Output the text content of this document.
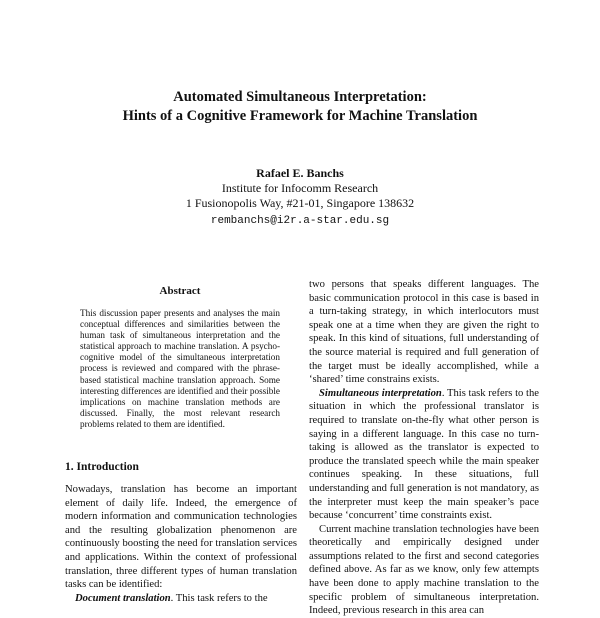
Automated Simultaneous Interpretation:
Hints of a Cognitive Framework for Machine Translation
Rafael E. Banchs
Institute for Infocomm Research
1 Fusionopolis Way, #21-01, Singapore 138632
rembanchs@i2r.a-star.edu.sg
Abstract
This discussion paper presents and analyses the main conceptual differences and similarities between the human task of simultaneous interpretation and the statistical approach to machine translation. A psycho-cognitive model of the simultaneous interpretation process is reviewed and compared with the phrase-based statistical machine translation approach. Some interesting differences are identified and their possible implications on machine translation methods are discussed. Finally, the most relevant research problems related to them are identified.
1. Introduction

Nowadays, translation has become an important element of daily life. Indeed, the emergence of modern information and communication technologies and the resulting globalization phenomenon are continuously boosting the need for translation services and applications. Within the context of professional translation, three different types of human translation tasks can be identified:

Document translation. This task refers to the

two persons that speaks different languages. The basic communication protocol in this case is based in a turn-taking strategy, in which interlocutors must speak one at a time when they are given the right to speak. In this kind of situations, full understanding of the source material is required and full generation of the target must be ideally accomplished, while a ‘shared’ time constrains exists.

Simultaneous interpretation. This task refers to the situation in which the professional translator is required to translate on-the-fly what other person is saying in a different language. In this case no turn-taking is allowed as the translator is expected to produce the translated speech while the main speaker continues speaking. In these situations, full understanding and full generation is not mandatory, as the interpreter must keep the main speaker’s pace because ‘concurrent’ time constraints exist.

Current machine translation technologies have been theoretically and empirically designed under assumptions related to the first and second categories defined above. As far as we know, only few attempts have been done to apply machine translation to the specific problem of simultaneous interpretation. Indeed, previous research in this area can
